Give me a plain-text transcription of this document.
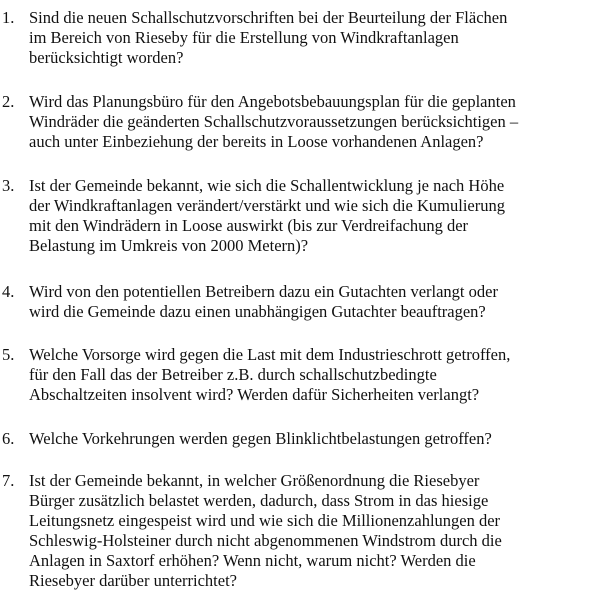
1. Sind die neuen Schallschutzvorschriften bei der Beurteilung der Flächen
im Bereich von Rieseby für die Erstellung von Windkraftanlagen
berücksichtigt worden?
2. Wird das Planungsbüro für den Angebotsbebauungsplan für die geplanten
Windräder die geänderten Schallschutzvoraussetzungen berücksichtigen –
auch unter Einbeziehung der bereits in Loose vorhandenen Anlagen?
3. Ist der Gemeinde bekannt, wie sich die Schallentwicklung je nach Höhe
der Windkraftanlagen verändert/verstärkt und wie sich die Kumulierung
mit den Windrädern in Loose auswirkt (bis zur Verdreifachung der
Belastung im Umkreis von 2000 Metern)?
4. Wird von den potentiellen Betreibern dazu ein Gutachten verlangt oder
wird die Gemeinde dazu einen unabhängigen Gutachter beauftragen?
5. Welche Vorsorge wird gegen die Last mit dem Industrieschrott getroffen,
für den Fall das der Betreiber z.B. durch schallschutzbedingte
Abschaltzeiten insolvent wird? Werden dafür Sicherheiten verlangt?
6. Welche Vorkehrungen werden gegen Blinklichtbelastungen getroffen?
7. Ist der Gemeinde bekannt, in welcher Größenordnung die Riesebyer
Bürger zusätzlich belastet werden, dadurch, dass Strom in das hiesige
Leitungsnetz eingespeist wird und wie sich die Millionenzahlungen der
Schleswig-Holsteiner durch nicht abgenommenen Windstrom durch die
Anlagen in Saxtorf erhöhen? Wenn nicht, warum nicht? Werden die
Riesebyer darüber unterrichtet?
